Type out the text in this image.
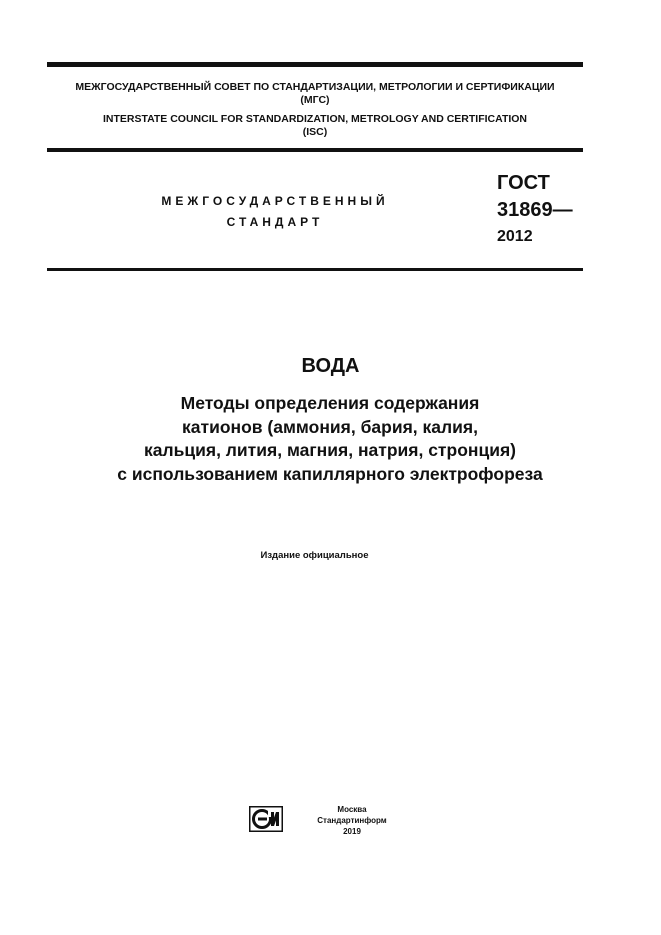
МЕЖГОСУДАРСТВЕННЫЙ СОВЕТ ПО СТАНДАРТИЗАЦИИ, МЕТРОЛОГИИ И СЕРТИФИКАЦИИ
(МГС)
INTERSTATE COUNCIL FOR STANDARDIZATION, METROLOGY AND CERTIFICATION
(ISC)
МЕЖГОСУДАРСТВЕННЫЙ
СТАНДАРТ
ГОСТ
31869—
2012
ВОДА
Методы определения содержания
катионов (аммония, бария, калия,
кальция, лития, магния, натрия, стронция)
с использованием капиллярного электрофореза
Издание официальное
Москва
Стандартинформ
2019
